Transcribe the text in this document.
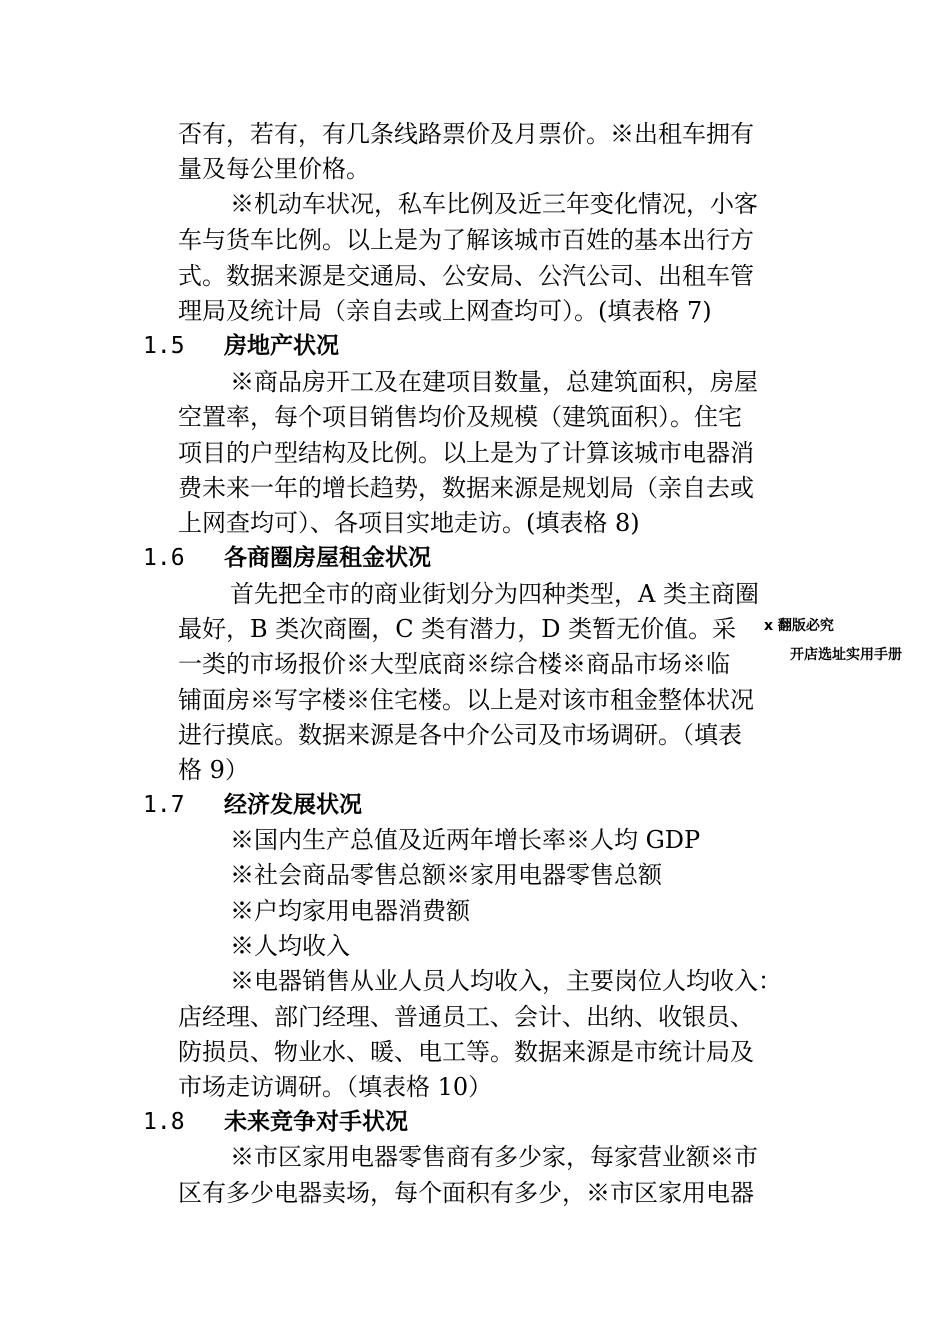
否有，若有，有几条线路票价及月票价。※出租车拥有
量及每公里价格。
※机动车状况，私车比例及近三年变化情况，小客
车与货车比例。以上是为了解该城市百姓的基本出行方
式。数据来源是交通局、公安局、公汽公司、出租车管
理局及统计局（亲自去或上网查均可）。(填表格 7)
1.5 房地产状况
※商品房开工及在建项目数量，总建筑面积，房屋
空置率，每个项目销售均价及规模（建筑面积）。住宅
项目的户型结构及比例。以上是为了计算该城市电器消
费未来一年的增长趋势，数据来源是规划局（亲自去或
上网查均可）、各项目实地走访。(填表格 8)
1.6 各商圈房屋租金状况
首先把全市的商业街划分为四种类型，A 类主商圈
最好，B 类次商圈，C 类有潜力，D 类暂无价值。采
一类的市场报价※大型底商※综合楼※商品市场※临
铺面房※写字楼※住宅楼。以上是对该市租金整体状况
进行摸底。数据来源是各中介公司及市场调研。（填表
格 9）
x 翻版必究
开店选址实用手册
1.7 经济发展状况
※国内生产总值及近两年增长率※人均 GDP
※社会商品零售总额※家用电器零售总额
※户均家用电器消费额
※人均收入
※电器销售从业人员人均收入，主要岗位人均收入：
店经理、部门经理、普通员工、会计、出纳、收银员、
防损员、物业水、暖、电工等。数据来源是市统计局及
市场走访调研。（填表格 10）
1.8 未来竞争对手状况
※市区家用电器零售商有多少家，每家营业额※市
区有多少电器卖场，每个面积有多少，※市区家用电器
